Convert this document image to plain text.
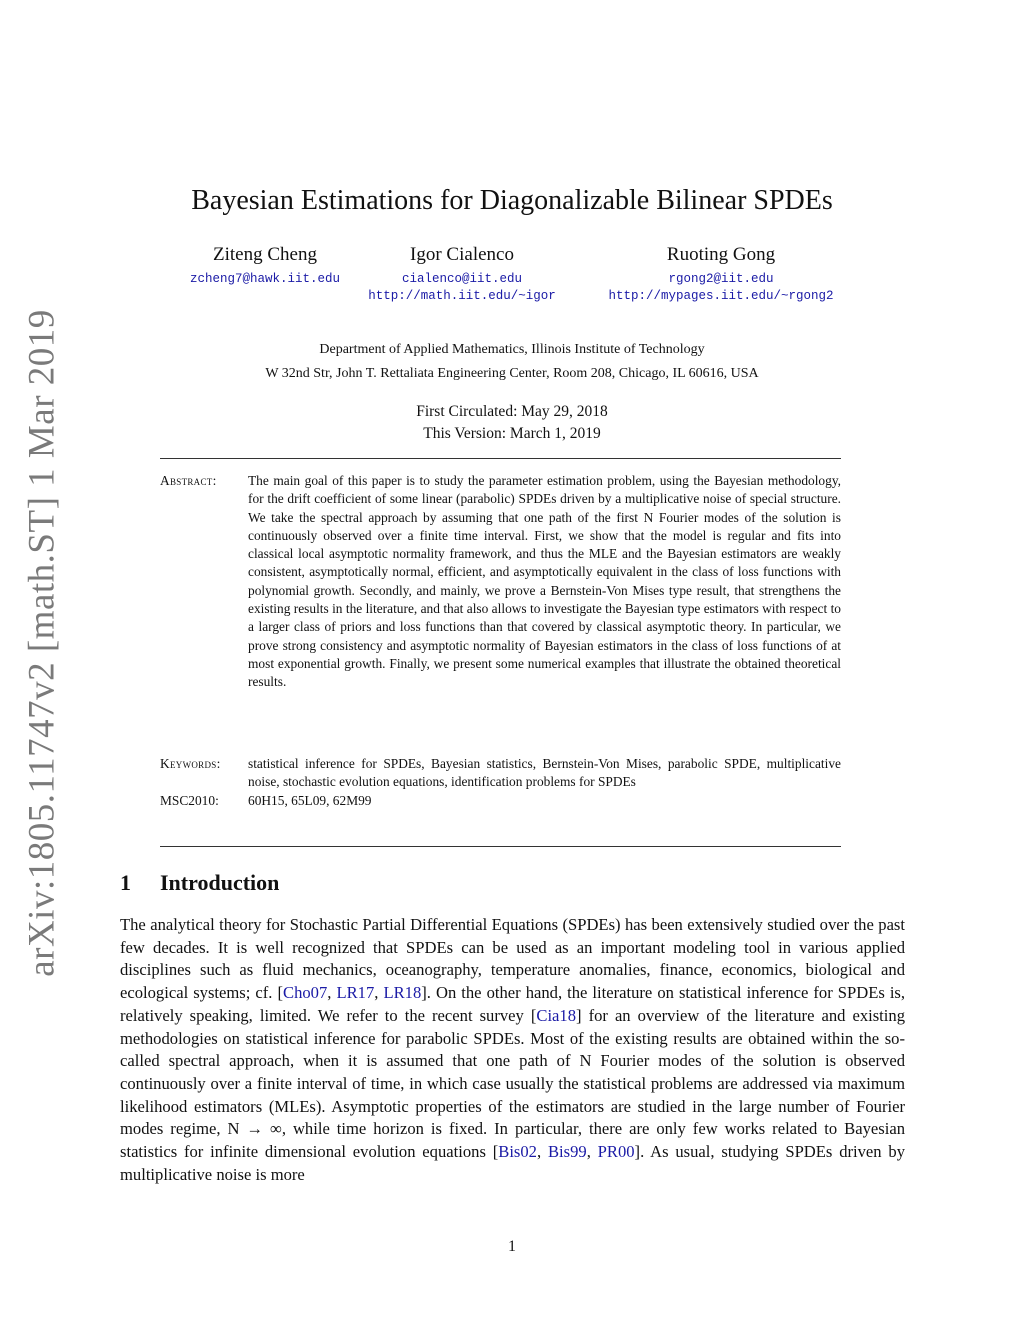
arXiv:1805.11747v2 [math.ST] 1 Mar 2019
Bayesian Estimations for Diagonalizable Bilinear SPDEs
Ziteng Cheng
zcheng7@hawk.iit.edu
Igor Cialenco
cialenco@iit.edu
http://math.iit.edu/~igor
Ruoting Gong
rgong2@iit.edu
http://mypages.iit.edu/~rgong2
Department of Applied Mathematics, Illinois Institute of Technology
W 32nd Str, John T. Rettaliata Engineering Center, Room 208, Chicago, IL 60616, USA
First Circulated: May 29, 2018
This Version: March 1, 2019
Abstract:	The main goal of this paper is to study the parameter estimation problem, using the Bayesian methodology, for the drift coefficient of some linear (parabolic) SPDEs driven by a multiplicative noise of special structure. We take the spectral approach by assuming that one path of the first N Fourier modes of the solution is continuously observed over a finite time interval. First, we show that the model is regular and fits into classical local asymptotic normality framework, and thus the MLE and the Bayesian estimators are weakly consistent, asymptotically normal, efficient, and asymptotically equivalent in the class of loss functions with polynomial growth. Secondly, and mainly, we prove a Bernstein-Von Mises type result, that strengthens the existing results in the literature, and that also allows to investigate the Bayesian type estimators with respect to a larger class of priors and loss functions than that covered by classical asymptotic theory. In particular, we prove strong consistency and asymptotic normality of Bayesian estimators in the class of loss functions of at most exponential growth. Finally, we present some numerical examples that illustrate the obtained theoretical results.
Keywords:	statistical inference for SPDEs, Bayesian statistics, Bernstein-Von Mises, parabolic SPDE, multiplicative noise, stochastic evolution equations, identification problems for SPDEs
MSC2010:	60H15, 65L09, 62M99
1 Introduction
The analytical theory for Stochastic Partial Differential Equations (SPDEs) has been extensively studied over the past few decades. It is well recognized that SPDEs can be used as an important modeling tool in various applied disciplines such as fluid mechanics, oceanography, temperature anomalies, finance, economics, biological and ecological systems; cf. [Cho07, LR17, LR18]. On the other hand, the literature on statistical inference for SPDEs is, relatively speaking, limited. We refer to the recent survey [Cia18] for an overview of the literature and existing methodologies on statistical inference for parabolic SPDEs. Most of the existing results are obtained within the so-called spectral approach, when it is assumed that one path of N Fourier modes of the solution is observed continuously over a finite interval of time, in which case usually the statistical problems are addressed via maximum likelihood estimators (MLEs). Asymptotic properties of the estimators are studied in the large number of Fourier modes regime, N → ∞, while time horizon is fixed. In particular, there are only few works related to Bayesian statistics for infinite dimensional evolution equations [Bis02, Bis99, PR00]. As usual, studying SPDEs driven by multiplicative noise is more
1
